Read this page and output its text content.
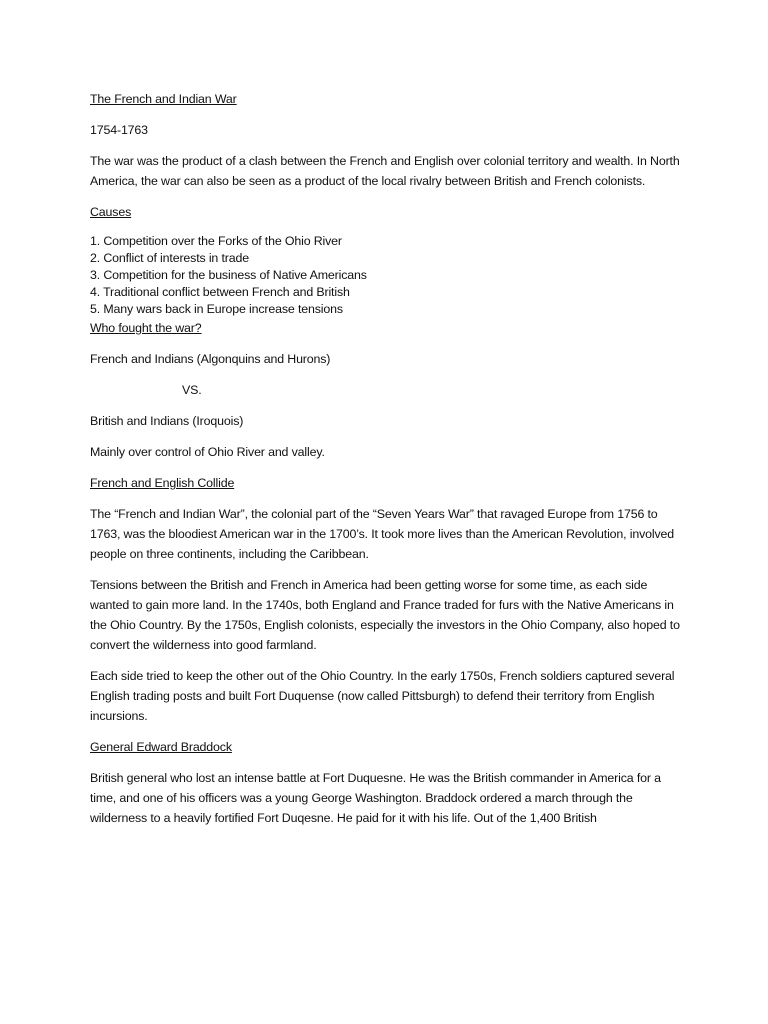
The French and Indian War

1754-1763

The war was the product of a clash between the French and English over colonial territory and wealth. In North America, the war can also be seen as a product of the local rivalry between British and French colonists.

Causes

1. Competition over the Forks of the Ohio River
2. Conflict of interests in trade
3. Competition for the business of Native Americans
4. Traditional conflict between French and British
5. Many wars back in Europe increase tensions

Who fought the war?

French and Indians (Algonquins and Hurons)

VS.

British and Indians (Iroquois)

Mainly over control of Ohio River and valley.

French and English Collide

The “French and Indian War”, the colonial part of the “Seven Years War” that ravaged Europe from 1756 to 1763, was the bloodiest American war in the 1700’s. It took more lives than the American Revolution, involved people on three continents, including the Caribbean.

Tensions between the British and French in America had been getting worse for some time, as each side wanted to gain more land. In the 1740s, both England and France traded for furs with the Native Americans in the Ohio Country. By the 1750s, English colonists, especially the investors in the Ohio Company, also hoped to convert the wilderness into good farmland.

Each side tried to keep the other out of the Ohio Country. In the early 1750s, French soldiers captured several English trading posts and built Fort Duquense (now called Pittsburgh) to defend their territory from English incursions.

General Edward Braddock

British general who lost an intense battle at Fort Duquesne. He was the British commander in America for a time, and one of his officers was a young George Washington. Braddock ordered a march through the wilderness to a heavily fortified Fort Duqesne. He paid for it with his life. Out of the 1,400 British
